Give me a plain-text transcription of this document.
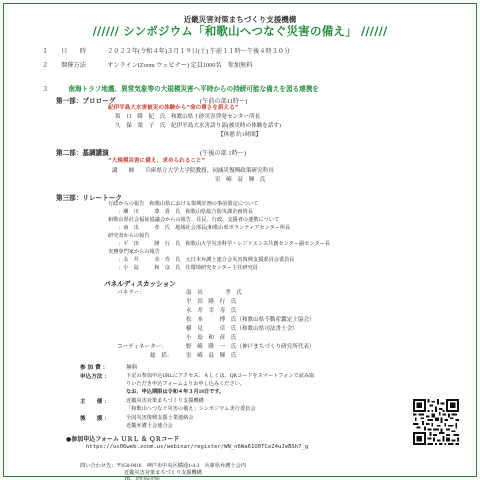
近畿災害対策まちづくり支援機構
////// シンポジウム「和歌山へつなぐ災害の備え」 //////
１ 日　　時	２０２２年(令和４年)３月１９日(土) 午前１１時～午後４時３０分
２ 開催方法	オンライン(Zoom ウェビナー) 定員1000名　参加無料
３	南海トラフ地震、異常気象等の大規模災害へ平時からの持続可能な備えを図る連携を
第一部：プロローグ	(午前の部11時～)
紀伊半島大水害被災の体験から“命の尊さを訴える”
坂　口　隆　紀　氏　和歌山県土砂災害啓発センター所長
久　保　榮　子　氏　紀伊半島大水害語り部(被災時の体験を話す)
【休憩 約1時間】
第二部：基調講演	(午後の部 1時～)
“大規模災害に備え、求められること”
講　　師 兵庫県立大学大学院教授、同減災復興政策研究科長
室　崎　益　輝　氏
第三部：リレートーク
行政からの報告　和歌山県における復興計画の事前策定について
：瀬　川　　　尊　貴　氏　和歌山県総合防災課企画班長
和歌山県社会福祉協議会からの報告、住民、行政、支援者の連携について
：南　出　　　孝　氏　地域社会部長(和歌山県ボランティアセンター所長
研究者からの報告
：平　田　　　隆　行　氏　和歌山大学災害科学・レジリエンス共創センター副センター長
実務専門家からの報告
：永　井　　　幸　寿　氏　元日本弁護士連合会災害復興支援委員会委員長
：小　島　　　和　彦　氏　住環境研究センター主任研究員
パネルディスカッション
パネラー：	南　出　　　　孝　氏
平　田　隆　行　氏
永　井　幸　寿　氏
松　本　　　博　氏（和歌山県不動産鑑定士協会）
横　見　　　卓　氏（和歌山県司法書士会）
小　島　和　彦　氏
コーディネーター：	野　崎　隆　一　氏（神戸まちづくり研究所代表）
総　括： 室　崎　益　輝　氏
参 加 費 ：	無料
申込方法 ：	下記の参加申込URLにアクセス、もしくは、QRコードをスマートフォンで読み取
りいただき申込フォームよりお申し込みください。
なお、申込期限は令和４年３月18日です。
主　　催 ：	近畿災害対策まちづくり支援機構
「和歌山へつなぐ災害の備え」シンポジウム実行委員会
後　　援 ：	全国災害復興支援士業連絡会
近畿弁護士会連合会
●参加申込フォーム ＵＲＬ ＆ ＱＲコード
https://us06web.zoom.us/webinar/register/WN_n6Wa61O0TCeZ4uJeBSh7_g
問い合わせ先：〒650-0016　神戸市中央区橘通1-4-3　兵庫県弁護士会内
近畿災害対策まちづくり支援機構
TEL　078-362-0700
